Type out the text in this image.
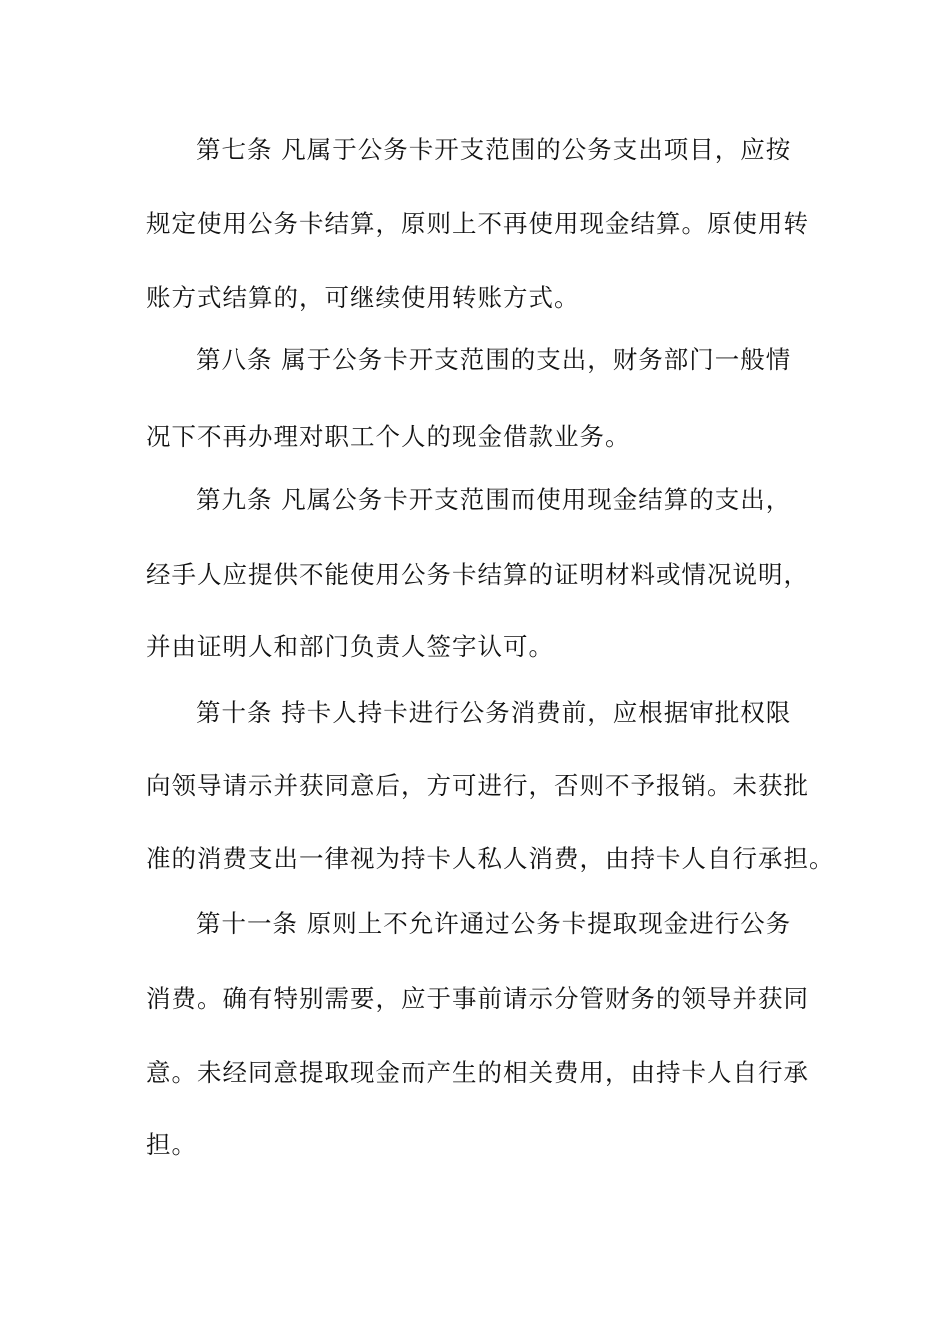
第七条 凡属于公务卡开支范围的公务支出项目，应按
规定使用公务卡结算，原则上不再使用现金结算。原使用转
账方式结算的，可继续使用转账方式。
第八条 属于公务卡开支范围的支出，财务部门一般情
况下不再办理对职工个人的现金借款业务。
第九条 凡属公务卡开支范围而使用现金结算的支出，
经手人应提供不能使用公务卡结算的证明材料或情况说明，
并由证明人和部门负责人签字认可。
第十条 持卡人持卡进行公务消费前，应根据审批权限
向领导请示并获同意后，方可进行，否则不予报销。未获批
准的消费支出一律视为持卡人私人消费，由持卡人自行承担。
第十一条 原则上不允许通过公务卡提取现金进行公务
消费。确有特别需要，应于事前请示分管财务的领导并获同
意。未经同意提取现金而产生的相关费用，由持卡人自行承
担。
